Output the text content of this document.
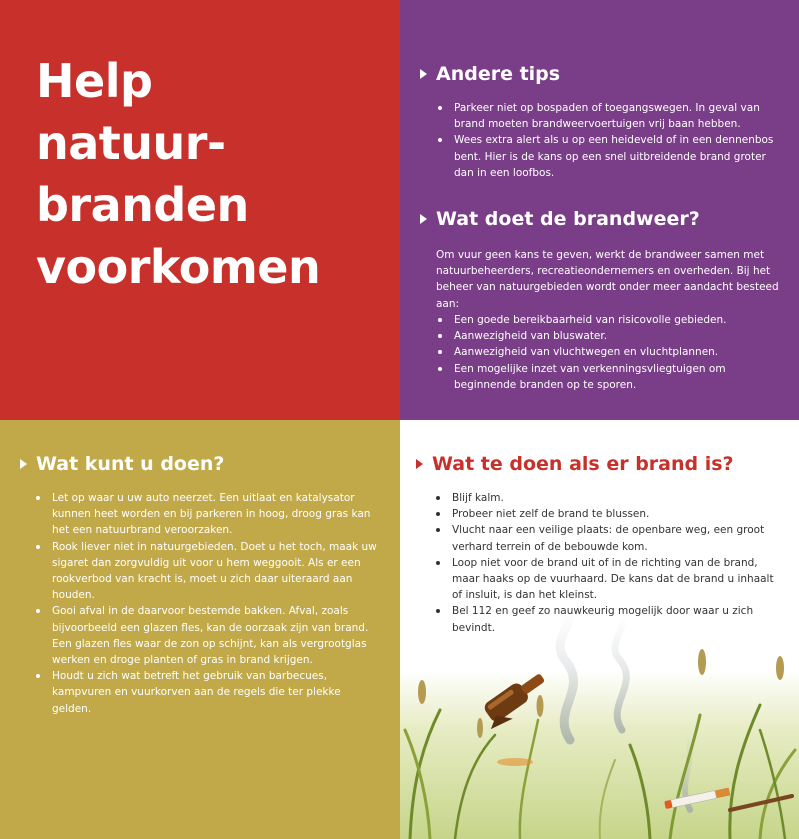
Help
natuur-
branden
voorkomen
Andere tips
Parkeer niet op bospaden of toegangswegen. In geval van brand moeten brandweervoertuigen vrij baan hebben.
Wees extra alert als u op een heideveld of in een dennenbos bent. Hier is de kans op een snel uitbreidende brand groter dan in een loofbos.
Wat doet de brandweer?

Om vuur geen kans te geven, werkt de brandweer samen met natuurbeheerders, recreatieondernemers en overheden. Bij het beheer van natuurgebieden wordt onder meer aandacht besteed aan:

Een goede bereikbaarheid van risicovolle gebieden.
Aanwezigheid van bluswater.
Aanwezigheid van vluchtwegen en vluchtplannen.
Een mogelijke inzet van verkenningsvliegtuigen om beginnende branden op te sporen.
Wat kunt u doen?
Let op waar u uw auto neerzet. Een uitlaat en katalysator kunnen heet worden en bij parkeren in hoog, droog gras kan het een natuurbrand veroorzaken.
Rook liever niet in natuurgebieden. Doet u het toch, maak uw sigaret dan zorgvuldig uit voor u hem weggooit. Als er een rookverbod van kracht is, moet u zich daar uiteraard aan houden.
Gooi afval in de daarvoor bestemde bakken. Afval, zoals bijvoorbeeld een glazen fles, kan de oorzaak zijn van brand. Een glazen fles waar de zon op schijnt, kan als vergrootglas werken en droge planten of gras in brand krijgen.
Houdt u zich wat betreft het gebruik van barbecues, kampvuren en vuurkorven aan de regels die ter plekke gelden.
Wat te doen als er brand is?
Blijf kalm.
Probeer niet zelf de brand te blussen.
Vlucht naar een veilige plaats: de openbare weg, een groot verhard terrein of de bebouwde kom.
Loop niet voor de brand uit of in de richting van de brand, maar haaks op de vuurhaard. De kans dat de brand u inhaalt of insluit, is dan het kleinst.
Bel 112 en geef zo nauwkeurig mogelijk door waar u zich bevindt.
